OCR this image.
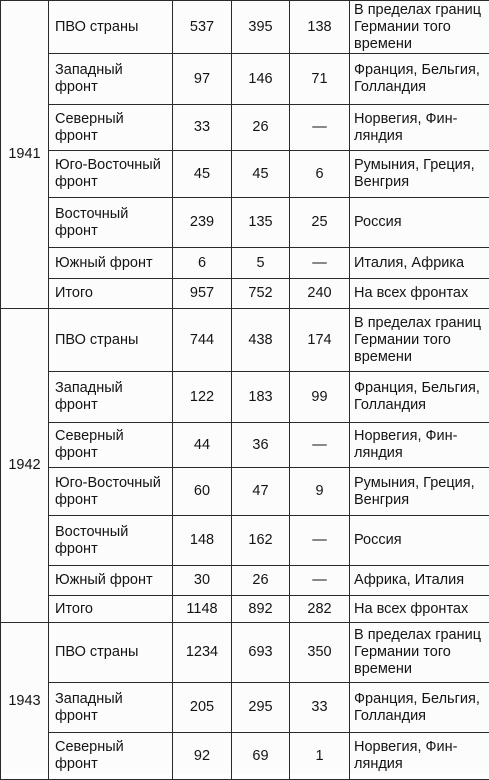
1941	ПВО страны	537	395	138	В пределах границ Германии того времени
	Западный фронт	97	146	71	Франция, Бельгия, Голландия
	Северный фронт	33	26	—	Норвегия, Финляндия
	Юго-Восточный фронт	45	45	6	Румыния, Греция, Венгрия
	Восточный фронт	239	135	25	Россия
	Южный фронт	6	5	—	Италия, Африка
	Итого	957	752	240	На всех фронтах
1942	ПВО страны	744	438	174	В пределах границ Германии того времени
	Западный фронт	122	183	99	Франция, Бельгия, Голландия
	Северный фронт	44	36	—	Норвегия, Финляндия
	Юго-Восточный фронт	60	47	9	Румыния, Греция, Венгрия
	Восточный фронт	148	162	—	Россия
	Южный фронт	30	26	—	Африка, Италия
	Итого	1148	892	282	На всех фронтах
1943	ПВО страны	1234	693	350	В пределах границ Германии того времени
	Западный фронт	205	295	33	Франция, Бельгия, Голландия
	Северный фронт	92	69	1	Норвегия, Финляндия
